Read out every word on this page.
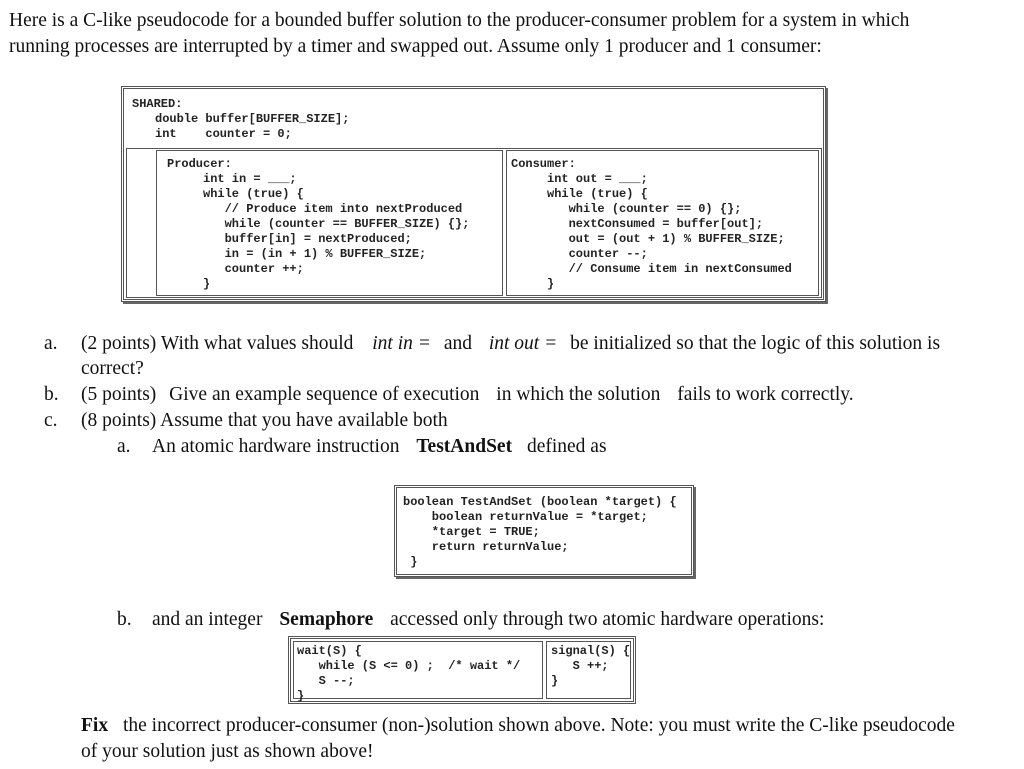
Here is a C-like pseudocode for a bounded buffer solution to the producer-consumer problem for a system in which
running processes are interrupted by a timer and swapped out. Assume only 1 producer and 1 consumer:
SHARED:
double buffer[BUFFER_SIZE];
int    counter = 0;
Producer:
int in = ___;
while (true) {
// Produce item into nextProduced
while (counter == BUFFER_SIZE) {};
buffer[in] = nextProduced;
in = (in + 1) % BUFFER_SIZE;
counter ++;
}
Consumer:
int out = ___;
while (true) {
while (counter == 0) {};
nextConsumed = buffer[out];
out = (out + 1) % BUFFER_SIZE;
counter --;
// Consume item in nextConsumed
}
a. (2 points) With what values should int in = and int out = be initialized so that the logic of this solution is
correct?
b. (5 points) Give an example sequence of execution in which the solution fails to work correctly.
c. (8 points) Assume that you have available both
a. An atomic hardware instruction TestAndSet defined as
boolean TestAndSet (boolean *target) {
boolean returnValue = *target;
*target = TRUE;
return returnValue;
}
b. and an integer Semaphore accessed only through two atomic hardware operations:
wait(S) {
while (S <= 0) ;  /* wait */
S --;
}
signal(S) {
S ++;
}
Fix the incorrect producer-consumer (non-)solution shown above. Note: you must write the C-like pseudocode
of your solution just as shown above!
